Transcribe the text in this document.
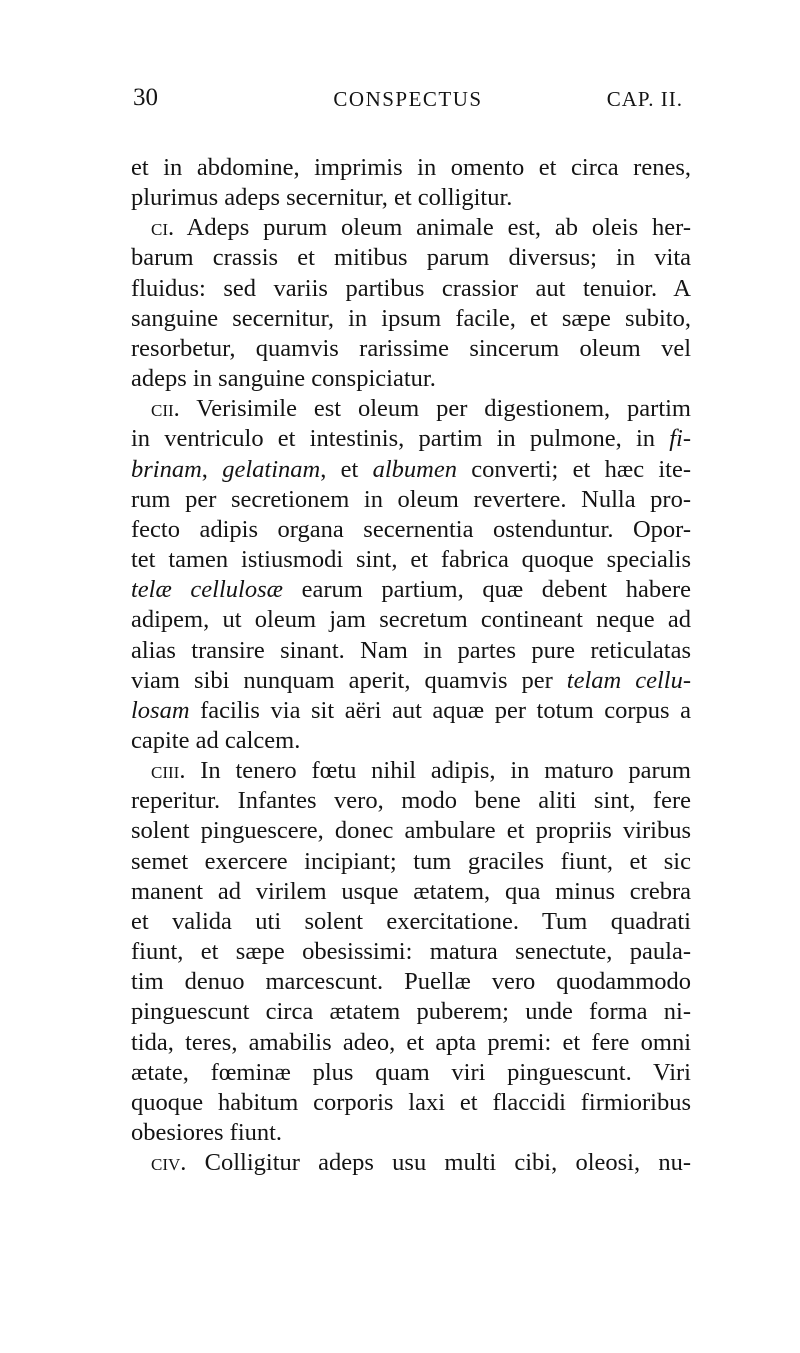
30	CONSPECTUS	CAP. II.
et in abdomine, imprimis in omento et circa renes,
plurimus adeps secernitur, et colligitur.
ci. Adeps purum oleum animale est, ab oleis her-
barum crassis et mitibus parum diversus; in vita
fluidus: sed variis partibus crassior aut tenuior. A
sanguine secernitur, in ipsum facile, et sæpe subito,
resorbetur, quamvis rarissime sincerum oleum vel
adeps in sanguine conspiciatur.
cii. Verisimile est oleum per digestionem, partim
in ventriculo et intestinis, partim in pulmone, in fi-
brinam, gelatinam, et albumen converti; et hæc ite-
rum per secretionem in oleum revertere. Nulla pro-
fecto adipis organa secernentia ostenduntur. Opor-
tet tamen istiusmodi sint, et fabrica quoque specialis
telæ cellulosæ earum partium, quæ debent habere
adipem, ut oleum jam secretum contineant neque ad
alias transire sinant. Nam in partes pure reticulatas
viam sibi nunquam aperit, quamvis per telam cellu-
losam facilis via sit aëri aut aquæ per totum corpus a
capite ad calcem.
ciii. In tenero fœtu nihil adipis, in maturo parum
reperitur. Infantes vero, modo bene aliti sint, fere
solent pinguescere, donec ambulare et propriis viribus
semet exercere incipiant; tum graciles fiunt, et sic
manent ad virilem usque ætatem, qua minus crebra
et valida uti solent exercitatione. Tum quadrati
fiunt, et sæpe obesissimi: matura senectute, paula-
tim denuo marcescunt. Puellæ vero quodammodo
pinguescunt circa ætatem puberem; unde forma ni-
tida, teres, amabilis adeo, et apta premi: et fere omni
ætate, fœminæ plus quam viri pinguescunt. Viri
quoque habitum corporis laxi et flaccidi firmioribus
obesiores fiunt.
civ. Colligitur adeps usu multi cibi, oleosi, nu-
